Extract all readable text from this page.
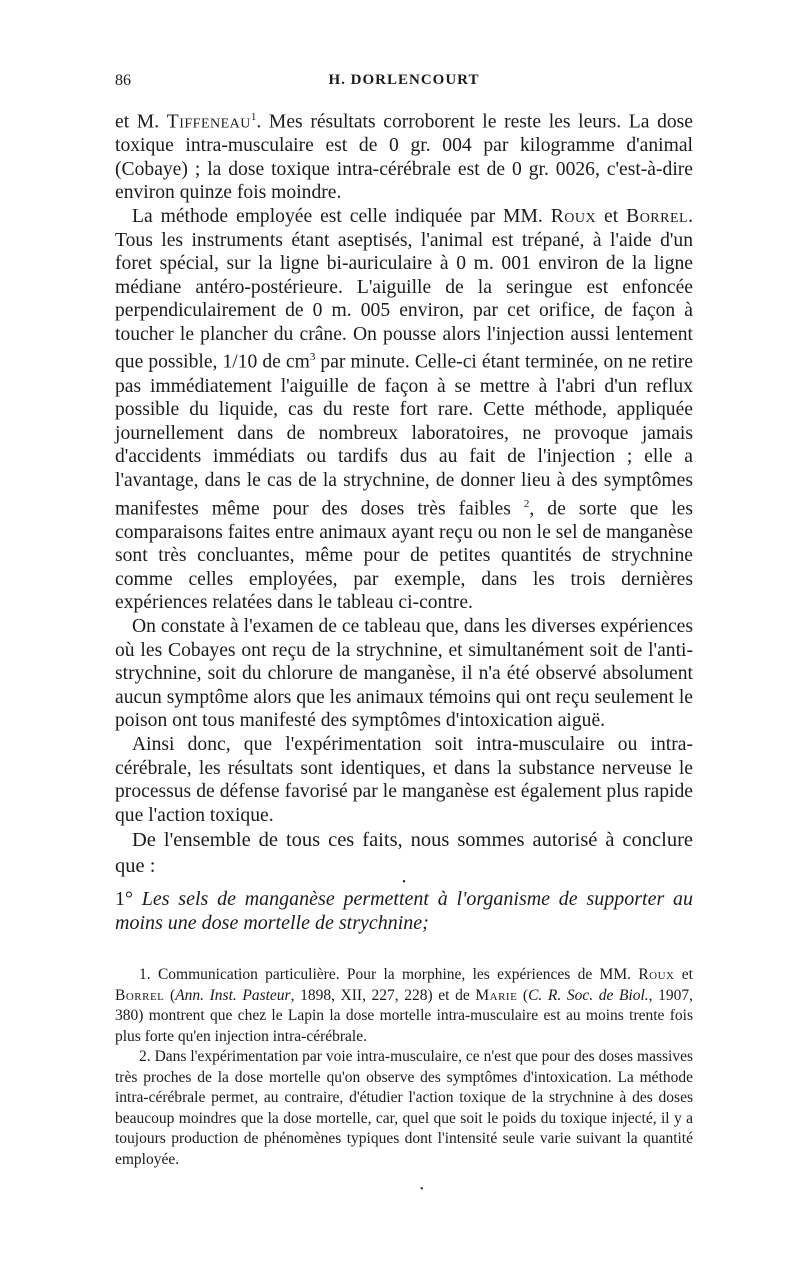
86	H. DORLENCOURT

et M. Tiffeneau$^1$. Mes résultats corroborent le reste les leurs. La dose toxique intra-musculaire est de 0 gr. 004 par kilogramme d'animal (Cobaye) ; la dose toxique intra-cérébrale est de 0 gr. 0026, c'est-à-dire environ quinze fois moindre.

La méthode employée est celle indiquée par MM. Roux et Borrel. Tous les instruments étant aseptisés, l'animal est trépané, à l'aide d'un foret spécial, sur la ligne bi-auriculaire à 0 m. 001 environ de la ligne médiane antéro-postérieure. L'aiguille de la seringue est enfoncée perpendiculairement de 0 m. 005 environ, par cet orifice, de façon à toucher le plancher du crâne. On pousse alors l'injection aussi lentement que possible, 1/10 de $cm^3$ par minute. Celle-ci étant terminée, on ne retire pas immédiatement l'aiguille de façon à se mettre à l'abri d'un reflux possible du liquide, cas du reste fort rare. Cette méthode, appliquée journellement dans de nombreux laboratoires, ne provoque jamais d'accidents immédiats ou tardifs dus au fait de l'injection ; elle a l'avantage, dans le cas de la strychnine, de donner lieu à des symptômes manifestes même pour des doses très faibles $^2$, de sorte que les comparaisons faites entre animaux ayant reçu ou non le sel de manganèse sont très concluantes, même pour de petites quantités de strychnine comme celles employées, par exemple, dans les trois dernières expériences relatées dans le tableau ci-contre.

On constate à l'examen de ce tableau que, dans les diverses expériences où les Cobayes ont reçu de la strychnine, et simultanément soit de l'anti-strychnine, soit du chlorure de manganèse, il n'a été observé absolument aucun symptôme alors que les animaux témoins qui ont reçu seulement le poison ont tous manifesté des symptômes d'intoxication aiguë.

Ainsi donc, que l'expérimentation soit intra-musculaire ou intra-cérébrale, les résultats sont identiques, et dans la substance nerveuse le processus de défense favorisé par le manganèse est également plus rapide que l'action toxique.

De l'ensemble de tous ces faits, nous sommes autorisé à conclure que :

•

1° Les sels de manganèse permettent à l'organisme de supporter au moins une dose mortelle de strychnine;

1. Communication particulière. Pour la morphine, les expériences de MM. Roux et Borrel (Ann. Inst. Pasteur, 1898, XII, 227, 228) et de Marie (C. R. Soc. de Biol., 1907, 380) montrent que chez le Lapin la dose mortelle intra-musculaire est au moins trente fois plus forte qu'en injection intra-cérébrale.

2. Dans l'expérimentation par voie intra-musculaire, ce n'est que pour des doses massives très proches de la dose mortelle qu'on observe des symptômes d'intoxication. La méthode intra-cérébrale permet, au contraire, d'étudier l'action toxique de la strychnine à des doses beaucoup moindres que la dose mortelle, car, quel que soit le poids du toxique injecté, il y a toujours production de phénomènes typiques dont l'intensité seule varie suivant la quantité employée.

•
